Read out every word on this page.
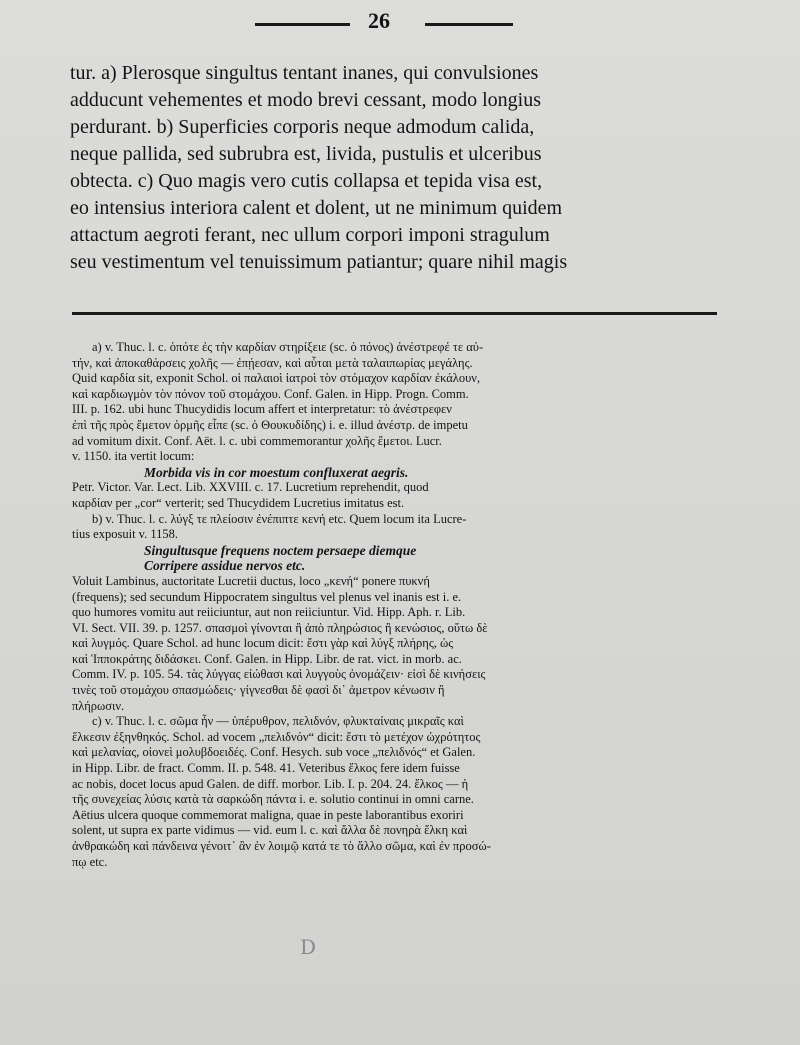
26
tur. a) Plerosque singultus tentant inanes, qui convulsiones
adducunt vehementes et modo brevi cessant, modo longius
perdurant. b) Superficies corporis neque admodum calida,
neque pallida, sed subrubra est, livida, pustulis et ulceribus
obtecta. c) Quo magis vero cutis collapsa et tepida visa est,
eo intensius interiora calent et dolent, ut ne minimum quidem
attactum aegroti ferant, nec ullum corpori imponi stragulum
seu vestimentum vel tenuissimum patiantur; quare nihil magis
a) v. Thuc. l. c. ὁπότε ἐς τὴν καρδίαν στηρίξειε (sc. ὁ πόνος) ἀνέστρεφέ τε αὐ-
τήν, καὶ ἀποκαθάρσεις χολῆς — ἐπῄεσαν, καὶ αὗται μετὰ ταλαιπωρίας μεγάλης.
Quid καρδία sit, exponit Schol. οἱ παλαιοὶ ἰατροὶ τὸν στόμαχον καρδίαν ἐκάλουν,
καὶ καρδιωγμὸν τὸν πόνον τοῦ στομάχου. Conf. Galen. in Hipp. Progn. Comm.
III. p. 162. ubi hunc Thucydidis locum affert et interpretatur: τὸ ἀνέστρεφεν
ἐπὶ τῆς πρὸς ἔμετον ὁρμῆς εἶπε (sc. ὁ Θουκυδίδης) i. e. illud ἀνέστρ. de impetu
ad vomitum dixit. Conf. Aët. l. c. ubi commemorantur χολῆς ἔμετοι. Lucr.
v. 1150. ita vertit locum:
Morbida vis in cor moestum confluxerat aegris.
Petr. Victor. Var. Lect. Lib. XXVIII. c. 17. Lucretium reprehendit, quod
καρδίαν per „cor“ verterit; sed Thucydidem Lucretius imitatus est.
b) v. Thuc. l. c. λύγξ τε πλείοσιν ἐνέπιπτε κενή etc. Quem locum ita Lucre-
tius exposuit v. 1158.
Singultusque frequens noctem persaepe diemque
Corripere assidue nervos etc.
Voluit Lambinus, auctoritate Lucretii ductus, loco „κενή“ ponere πυκνή
(frequens); sed secundum Hippocratem singultus vel plenus vel inanis est i. e.
quo humores vomitu aut reiiciuntur, aut non reiiciuntur. Vid. Hipp. Aph. r. Lib.
VI. Sect. VII. 39. p. 1257. σπασμοὶ γίνονται ἢ ἀπὸ πληρώσιος ἢ κενώσιος, οὕτω δὲ
καὶ λυγμός. Quare Schol. ad hunc locum dicit: ἔστι γὰρ καὶ λύγξ πλήρης, ὡς
καὶ Ἱπποκράτης διδάσκει. Conf. Galen. in Hipp. Libr. de rat. vict. in morb. ac.
Comm. IV. p. 105. 54. τὰς λύγγας εἰώθασι καὶ λυγγοὺς ὀνομάζειν· εἰσὶ δὲ κινήσεις
τινὲς τοῦ στομάχου σπασμώδεις· γίγνεσθαι δὲ φασὶ δι᾽ ἀμετρον κένωσιν ἢ
πλήρωσιν.
c) v. Thuc. l. c. σῶμα ἦν — ὑπέρυθρον, πελιδνόν, φλυκταίναις μικραῖς καὶ
ἕλκεσιν ἐξηνθηκός. Schol. ad vocem „πελιδνόν“ dicit: ἔστι τὸ μετέχον ὠχρότητος
καὶ μελανίας, οἱονεὶ μολυβδοειδές. Conf. Hesych. sub voce „πελιδνός“ et Galen.
in Hipp. Libr. de fract. Comm. II. p. 548. 41. Veteribus ἕλκος fere idem fuisse
ac nobis, docet locus apud Galen. de diff. morbor. Lib. I. p. 204. 24. ἕλκος — ἡ
τῆς συνεχείας λύσις κατὰ τὰ σαρκώδη πάντα i. e. solutio continui in omni carne.
Aëtius ulcera quoque commemorat maligna, quae in peste laborantibus exoriri
solent, ut supra ex parte vidimus — vid. eum l. c. καὶ ἄλλα δὲ πονηρὰ ἕλκη καὶ
ἀνθρακώδη καὶ πάνδεινα γένοιτ᾽ ἂν ἐν λοιμῷ κατά τε τὸ ἄλλο σῶμα, καὶ ἐν προσώ-
πῳ etc.
D
